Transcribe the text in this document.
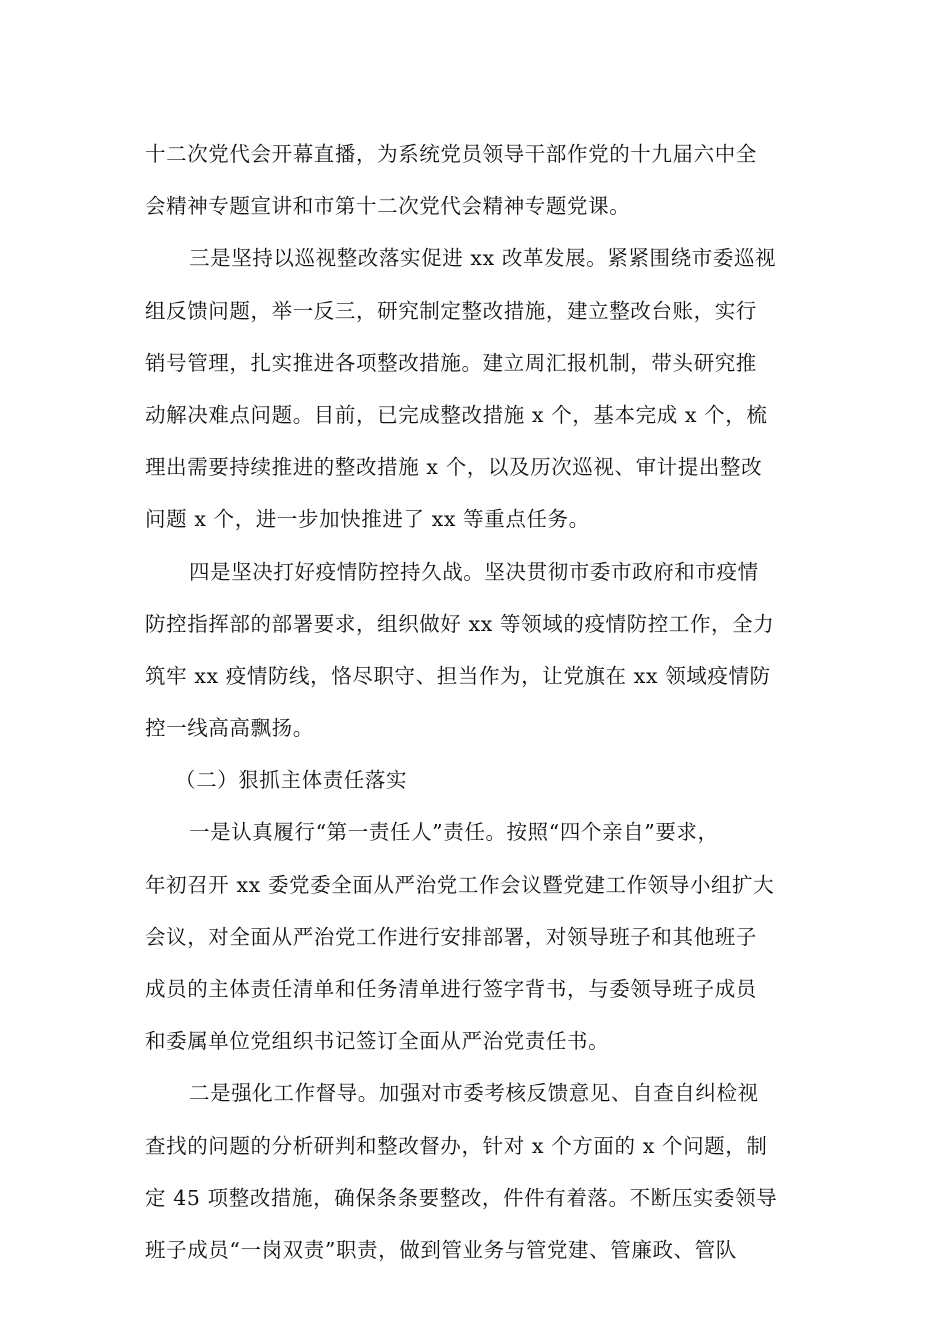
十二次党代会开幕直播，为系统党员领导干部作党的十九届六中全
会精神专题宣讲和市第十二次党代会精神专题党课。
三是坚持以巡视整改落实促进 xx 改革发展。紧紧围绕市委巡视
组反馈问题，举一反三，研究制定整改措施，建立整改台账，实行
销号管理，扎实推进各项整改措施。建立周汇报机制，带头研究推
动解决难点问题。目前，已完成整改措施 x 个，基本完成 x 个，梳
理出需要持续推进的整改措施 x 个，以及历次巡视、审计提出整改
问题 x 个，进一步加快推进了 xx 等重点任务。
四是坚决打好疫情防控持久战。坚决贯彻市委市政府和市疫情
防控指挥部的部署要求，组织做好 xx 等领域的疫情防控工作，全力
筑牢 xx 疫情防线，恪尽职守、担当作为，让党旗在 xx 领域疫情防
控一线高高飘扬。
（二）狠抓主体责任落实
一是认真履行“第一责任人”责任。按照“四个亲自”要求，
年初召开 xx 委党委全面从严治党工作会议暨党建工作领导小组扩大
会议，对全面从严治党工作进行安排部署，对领导班子和其他班子
成员的主体责任清单和任务清单进行签字背书，与委领导班子成员
和委属单位党组织书记签订全面从严治党责任书。
二是强化工作督导。加强对市委考核反馈意见、自查自纠检视
查找的问题的分析研判和整改督办，针对 x 个方面的 x 个问题，制
定 45 项整改措施，确保条条要整改，件件有着落。不断压实委领导
班子成员“一岗双责”职责，做到管业务与管党建、管廉政、管队
